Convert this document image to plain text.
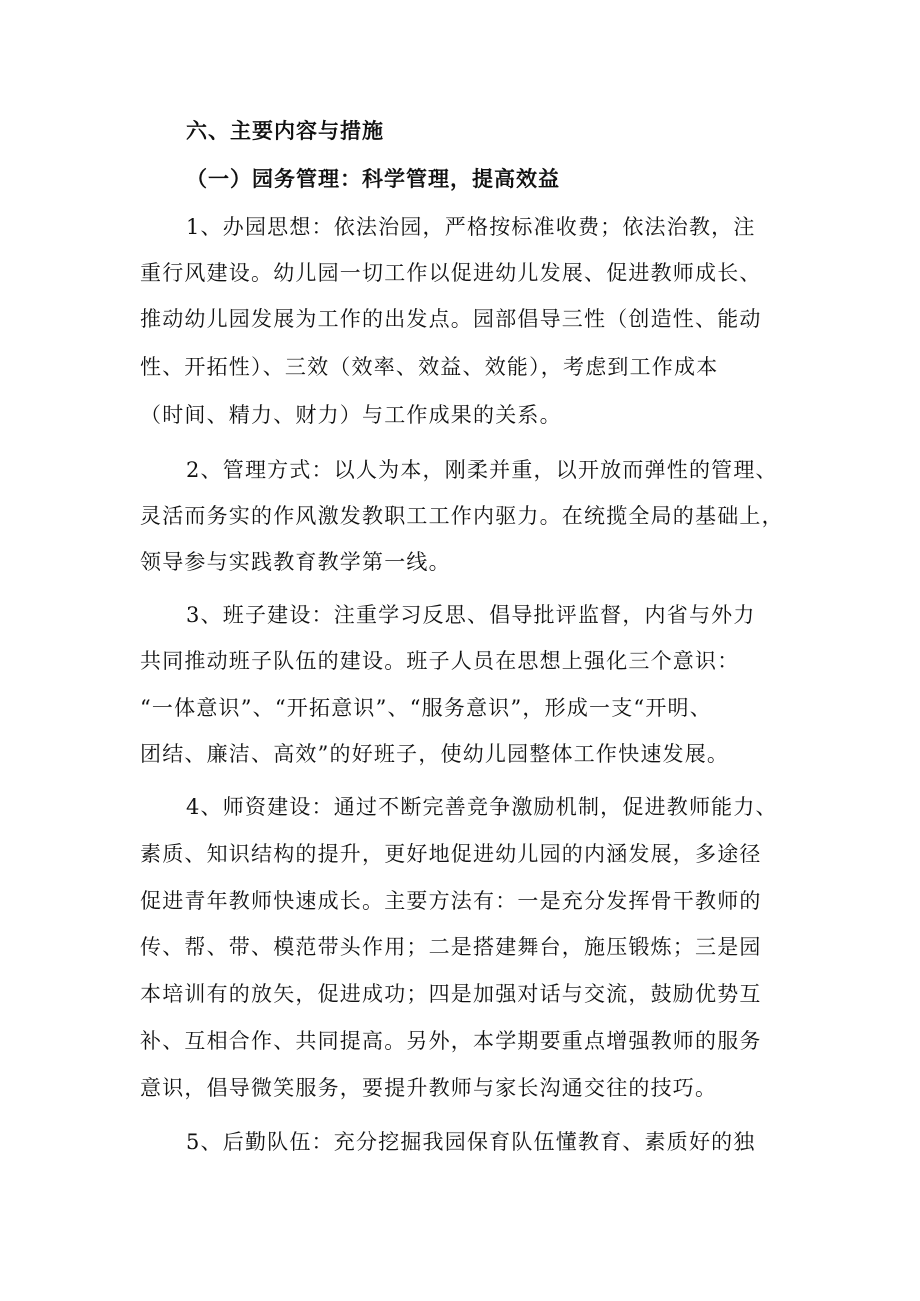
六、主要内容与措施
（一）园务管理：科学管理，提高效益
1、办园思想：依法治园，严格按标准收费；依法治教，注
重行风建设。幼儿园一切工作以促进幼儿发展、促进教师成长、
推动幼儿园发展为工作的出发点。园部倡导三性（创造性、能动
性、开拓性）、三效（效率、效益、效能），考虑到工作成本
（时间、精力、财力）与工作成果的关系。
2、管理方式：以人为本，刚柔并重，以开放而弹性的管理、
灵活而务实的作风激发教职工工作内驱力。在统揽全局的基础上，
领导参与实践教育教学第一线。
3、班子建设：注重学习反思、倡导批评监督，内省与外力
共同推动班子队伍的建设。班子人员在思想上强化三个意识：
“一体意识”、“开拓意识”、“服务意识”，形成一支“开明、
团结、廉洁、高效”的好班子，使幼儿园整体工作快速发展。
4、师资建设：通过不断完善竞争激励机制，促进教师能力、
素质、知识结构的提升，更好地促进幼儿园的内涵发展，多途径
促进青年教师快速成长。主要方法有：一是充分发挥骨干教师的
传、帮、带、模范带头作用；二是搭建舞台，施压锻炼；三是园
本培训有的放矢，促进成功；四是加强对话与交流，鼓励优势互
补、互相合作、共同提高。另外，本学期要重点增强教师的服务
意识，倡导微笑服务，要提升教师与家长沟通交往的技巧。
5、后勤队伍：充分挖掘我园保育队伍懂教育、素质好的独
